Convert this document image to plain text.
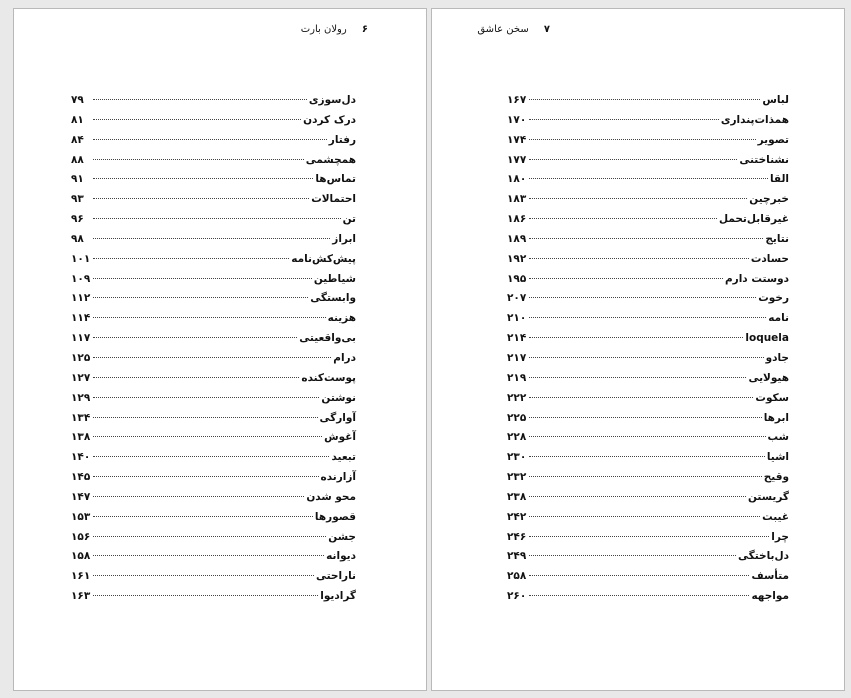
۶ رولان بارت
دل‌سوزی
۷۹
درک کردن
۸۱
رفتار
۸۴
همچشمی
۸۸
تماس‌ها
۹۱
احتمالات
۹۳
تن
۹۶
ابراز
۹۸
پیش‌کش‌نامه
۱۰۱
شیاطین
۱۰۹
وابستگی
۱۱۲
هزینه
۱۱۴
بی‌واقعیتی
۱۱۷
درام
۱۲۵
پوست‌کنده
۱۲۷
نوشتن
۱۲۹
آوارگی
۱۳۴
آغوش
۱۳۸
تبعید
۱۴۰
آزارنده
۱۴۵
محو شدن
۱۴۷
قصورها
۱۵۳
جشن
۱۵۶
دیوانه
۱۵۸
ناراحتی
۱۶۱
گرادیوا
۱۶۳
۷ سخن عاشق
لباس
۱۶۷
همذات‌پنداری
۱۷۰
تصویر
۱۷۴
نشناختنی
۱۷۷
القا
۱۸۰
خبرچین
۱۸۳
غیرقابل‌تحمل
۱۸۶
نتایج
۱۸۹
حسادت
۱۹۲
دوستت دارم
۱۹۵
رخوت
۲۰۷
نامه
۲۱۰
loquela
۲۱۴
جادو
۲۱۷
هیولایی
۲۱۹
سکوت
۲۲۲
ابرها
۲۲۵
شب
۲۲۸
اشیا
۲۳۰
وقیح
۲۳۲
گریستن
۲۳۸
غیبت
۲۴۲
چرا
۲۴۶
دل‌باختگی
۲۴۹
متأسف
۲۵۸
مواجهه
۲۶۰
